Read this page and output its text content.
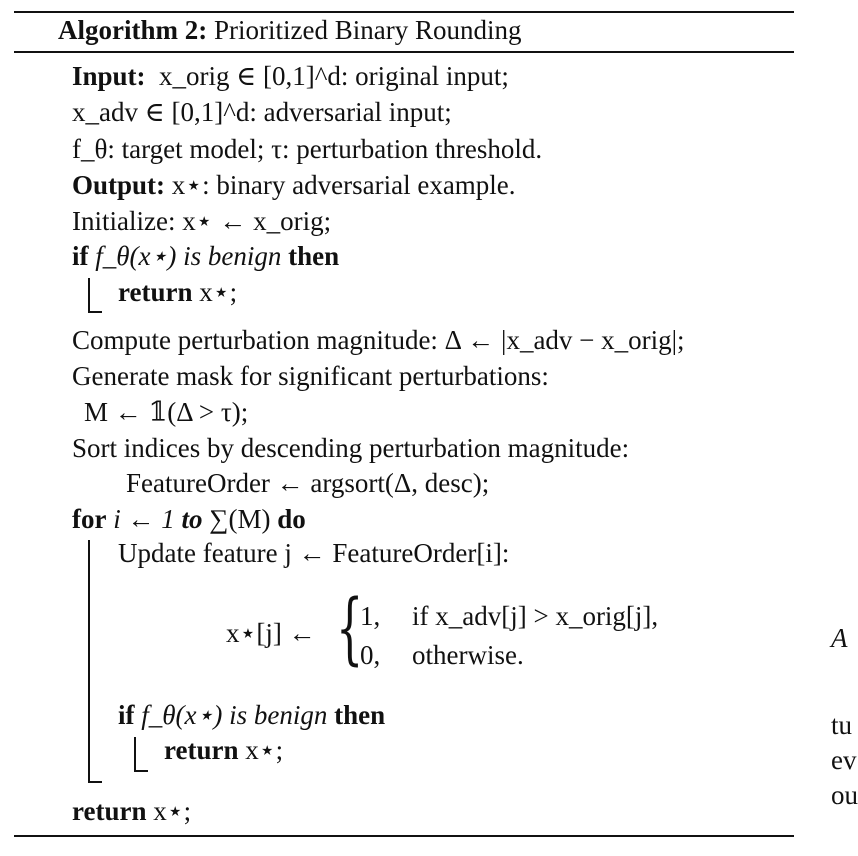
Algorithm 2: Prioritized Binary Rounding
Input: x_orig ∈ [0,1]^d: original input;
x_adv ∈ [0,1]^d: adversarial input;
f_θ: target model; τ: perturbation threshold.
Output: x⋆: binary adversarial example.
Initialize: x⋆ ← x_orig;
if f_θ(x⋆) is benign then
return x⋆;
Compute perturbation magnitude: Δ ← |x_adv − x_orig|;
Generate mask for significant perturbations:
M ← 𝟙(Δ > τ);
Sort indices by descending perturbation magnitude:
FeatureOrder ← argsort(Δ, desc);
for i ← 1 to ∑(M) do
Update feature j ← FeatureOrder[i]:
x⋆[j] ← {
1, if x_adv[j] > x_orig[j],
0, otherwise.
if f_θ(x⋆) is benign then
return x⋆;
return x⋆;
A
tu
ev
ou
